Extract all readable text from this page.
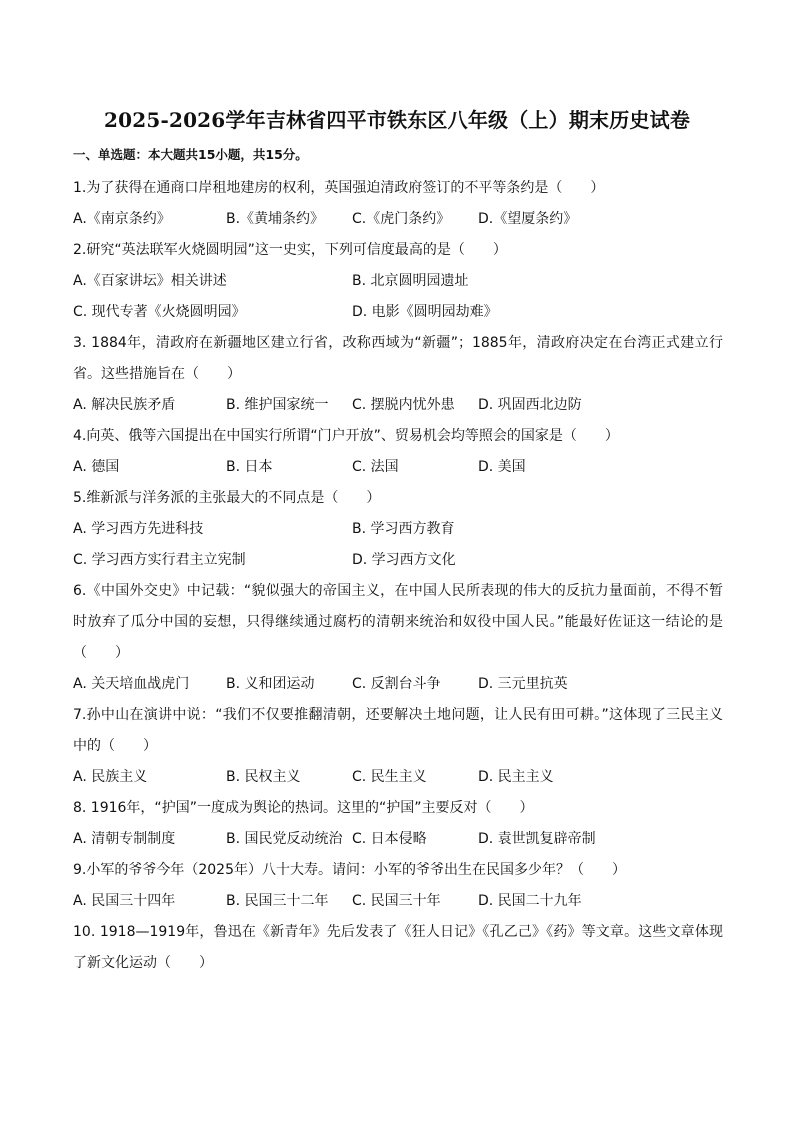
2025-2026学年吉林省四平市铁东区八年级（上）期末历史试卷
一、单选题：本大题共15小题，共15分。
1.为了获得在通商口岸租地建房的权利，英国强迫清政府签订的不平等条约是（　　）
A.《南京条约》	B.《黄埔条约》 C.《虎门条约》 D.《望厦条约》
2.研究“英法联军火烧圆明园”这一史实，下列可信度最高的是（　　）
A.《百家讲坛》相关讲述	B. 北京圆明园遗址
C. 现代专著《火烧圆明园》	D. 电影《圆明园劫难》
3. 1884年，清政府在新疆地区建立行省，改称西域为“新疆”；1885年，清政府决定在台湾正式建立行省。这些措施旨在（　　）
A. 解决民族矛盾	B. 维护国家统一 C. 摆脱内忧外患 D. 巩固西北边防
4.向英、俄等六国提出在中国实行所谓“门户开放”、贸易机会均等照会的国家是（　　）
A. 德国	B. 日本	C. 法国	D. 美国
5.维新派与洋务派的主张最大的不同点是（　　）
A. 学习西方先进科技	B. 学习西方教育
C. 学习西方实行君主立宪制	D. 学习西方文化
6.《中国外交史》中记载：“貌似强大的帝国主义，在中国人民所表现的伟大的反抗力量面前，不得不暂时放弃了瓜分中国的妄想，只得继续通过腐朽的清朝来统治和奴役中国人民。”能最好佐证这一结论的是（　　）
A. 关天培血战虎门	B. 义和团运动	C. 反割台斗争	D. 三元里抗英
7.孙中山在演讲中说：“我们不仅要推翻清朝，还要解决土地问题，让人民有田可耕。”这体现了三民主义中的（　　）
A. 民族主义	B. 民权主义	C. 民生主义	D. 民主主义
8. 1916年，“护国”一度成为舆论的热词。这里的“护国”主要反对（　　）
A. 清朝专制制度	B. 国民党反动统治 C. 日本侵略	D. 袁世凯复辟帝制
9.小军的爷爷今年（2025年）八十大寿。请问：小军的爷爷出生在民国多少年？（　　）
A. 民国三十四年	B. 民国三十二年 C. 民国三十年	D. 民国二十九年
10. 1918—1919年，鲁迅在《新青年》先后发表了《狂人日记》《孔乙己》《药》等文章。这些文章体现了新文化运动（　　）
